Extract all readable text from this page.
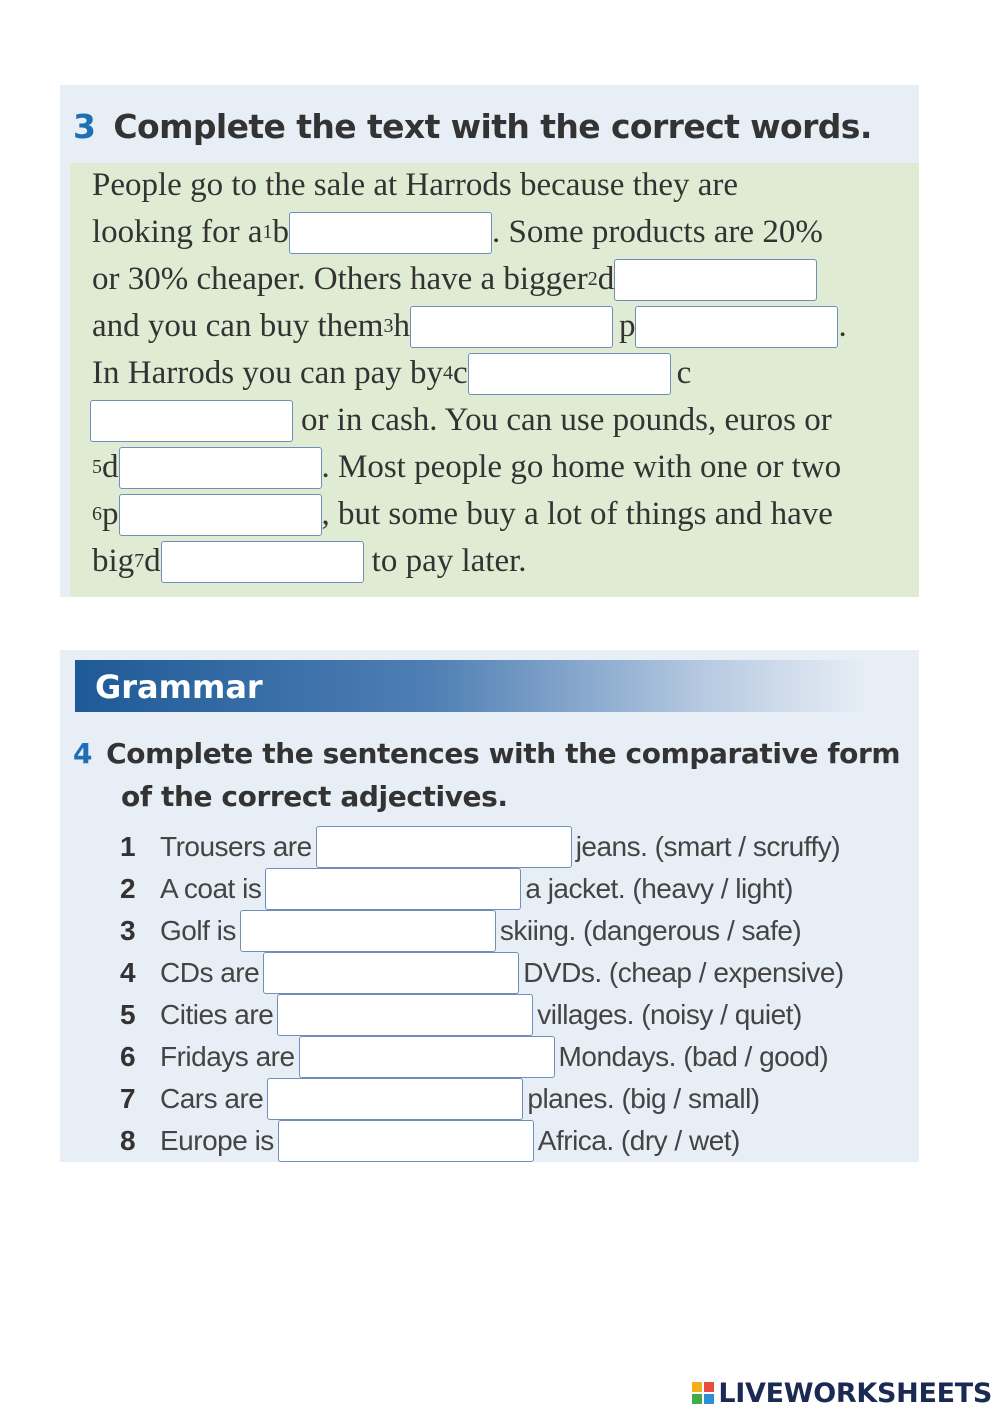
3 Complete the text with the correct words.
People go to the sale at Harrods because they are
looking for a 1 b	. Some products are 20%
or 30% cheaper. Others have a bigger 2 d
and you can buy them 3 h	p	.
In Harrods you can pay by 4 c	c
or in cash. You can use pounds, euros or
5 d	. Most people go home with one or two
6 p	, but some buy a lot of things and have
big 7 d	to pay later.
Grammar
4 Complete the sentences with the comparative form
of the correct adjectives.
1 Trousers are	jeans. (smart / scruffy)
2 A coat is	a jacket. (heavy / light)
3 Golf is	skiing. (dangerous / safe)
4 CDs are	DVDs. (cheap / expensive)
5 Cities are	villages. (noisy / quiet)
6 Fridays are	Mondays. (bad / good)
7 Cars are	planes. (big / small)
8 Europe is	Africa. (dry / wet)
LIVEWORKSHEETS
